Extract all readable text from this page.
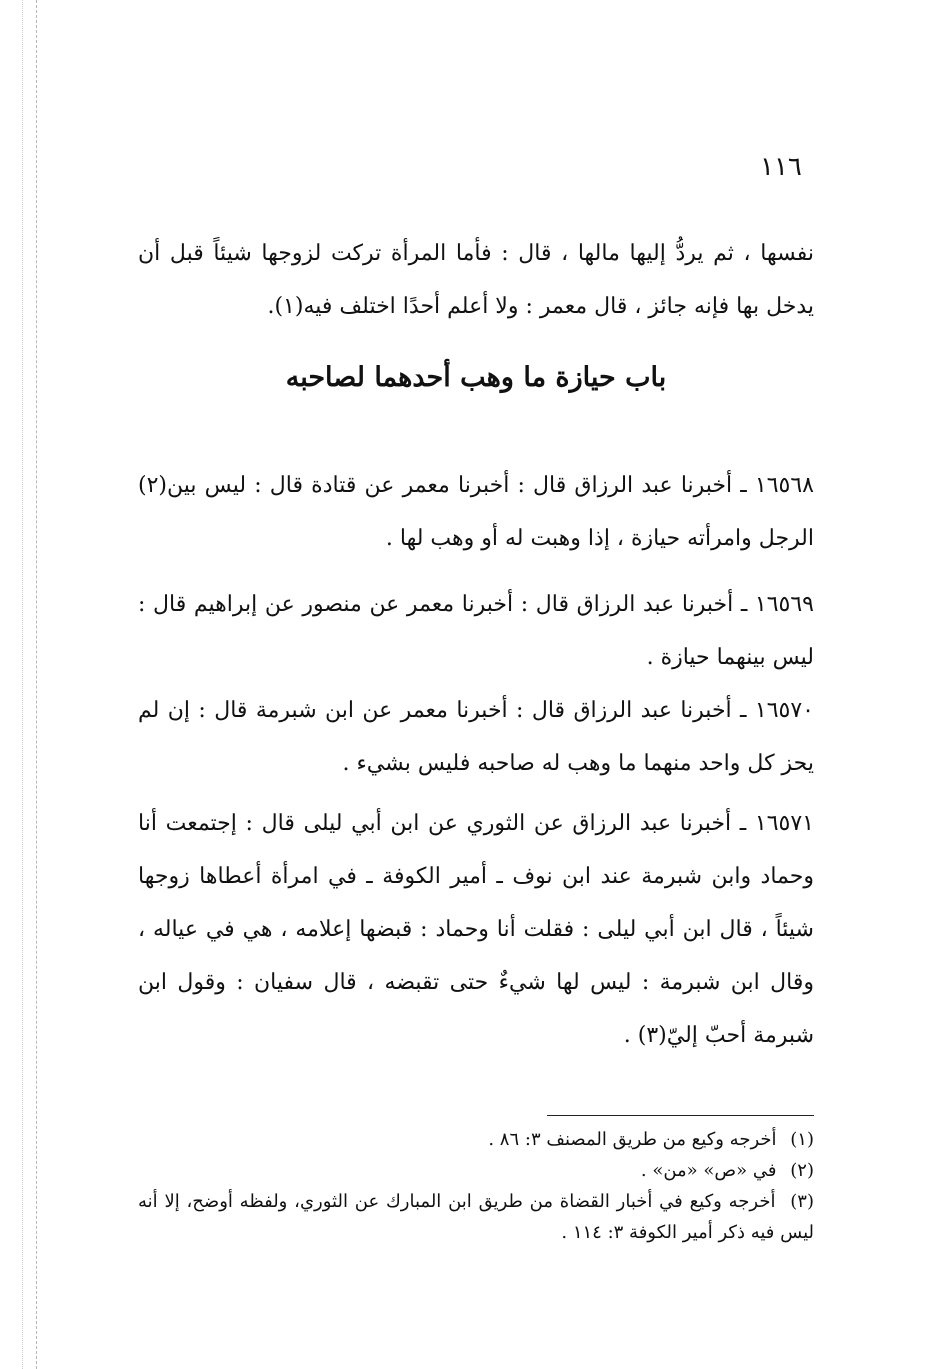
١١٦

نفسها ، ثم يردُّ إليها مالها ، قال : فأما المرأة تركت لزوجها شيئاً قبل أن يدخل بها فإنه جائز ، قال معمر : ولا أعلم أحدًا اختلف فيه(١).

باب حيازة ما وهب أحدهما لصاحبه

١٦٥٦٨ ـ أخبرنا عبد الرزاق قال : أخبرنا معمر عن قتادة قال : ليس بين(٢) الرجل وامرأته حيازة ، إذا وهبت له أو وهب لها .

١٦٥٦٩ ـ أخبرنا عبد الرزاق قال : أخبرنا معمر عن منصور عن إبراهيم قال : ليس بينهما حيازة .

١٦٥٧٠ ـ أخبرنا عبد الرزاق قال : أخبرنا معمر عن ابن شبرمة قال : إن لم يحز كل واحد منهما ما وهب له صاحبه فليس بشيء .

١٦٥٧١ ـ أخبرنا عبد الرزاق عن الثوري عن ابن أبي ليلى قال : إجتمعت أنا وحماد وابن شبرمة عند ابن نوف ـ أمير الكوفة ـ في امرأة أعطاها زوجها شيئاً ، قال ابن أبي ليلى : فقلت أنا وحماد : قبضها إعلامه ، هي في عياله ، وقال ابن شبرمة : ليس لها شيءٌ حتى تقبضه ، قال سفيان : وقول ابن شبرمة أحبّ إليّ(٣) .

(١) أخرجه وكيع من طريق المصنف ٣: ٨٦ .

(٢) في «ص» «من» .

(٣) أخرجه وكيع في أخبار القضاة من طريق ابن المبارك عن الثوري، ولفظه أوضح، إلا أنه ليس فيه ذكر أمير الكوفة ٣: ١١٤ .
